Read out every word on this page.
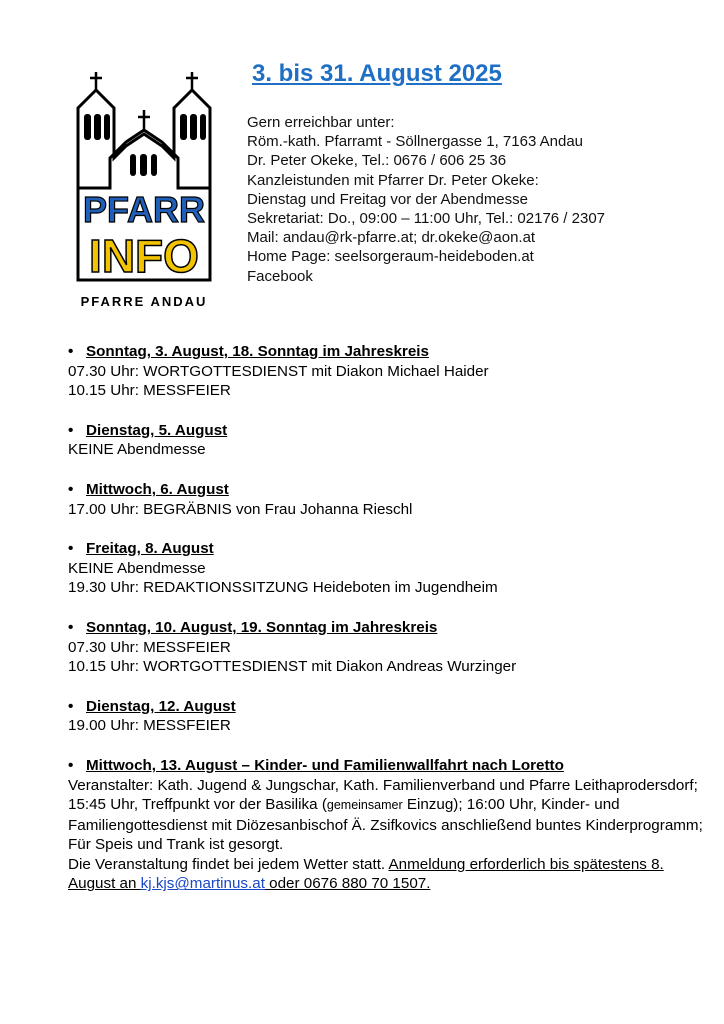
PFARR
INFO
PFARRE ANDAU
3. bis 31. August 2025
Gern erreichbar unter:
Röm.-kath. Pfarramt - Söllnergasse 1, 7163 Andau
Dr. Peter Okeke, Tel.: 0676 / 606 25 36
Kanzleistunden mit Pfarrer Dr. Peter Okeke:
Dienstag und Freitag vor der Abendmesse
Sekretariat: Do., 09:00 – 11:00 Uhr, Tel.: 02176 / 2307
Mail: andau@rk-pfarre.at; dr.okeke@aon.at
Home Page: seelsorgeraum-heideboden.at
Facebook
• Sonntag, 3. August, 18. Sonntag im Jahreskreis
07.30 Uhr: WORTGOTTESDIENST mit Diakon Michael Haider
10.15 Uhr: MESSFEIER
• Dienstag, 5. August
KEINE Abendmesse
• Mittwoch, 6. August
17.00 Uhr: BEGRÄBNIS von Frau Johanna Rieschl
• Freitag, 8. August
KEINE Abendmesse
19.30 Uhr: REDAKTIONSSITZUNG Heideboten im Jugendheim
• Sonntag, 10. August, 19. Sonntag im Jahreskreis
07.30 Uhr: MESSFEIER
10.15 Uhr: WORTGOTTESDIENST mit Diakon Andreas Wurzinger
• Dienstag, 12. August
19.00 Uhr: MESSFEIER
• Mittwoch, 13. August – Kinder- und Familienwallfahrt nach Loretto
Veranstalter: Kath. Jugend & Jungschar, Kath. Familienverband und Pfarre Leithaprodersdorf; 15:45 Uhr, Treffpunkt vor der Basilika (gemeinsamer Einzug); 16:00 Uhr, Kinder- und Familiengottesdienst mit Diözesanbischof Ä. Zsifkovics anschließend buntes Kinderprogramm; Für Speis und Trank ist gesorgt.
Die Veranstaltung findet bei jedem Wetter statt. Anmeldung erforderlich bis spätestens 8. August an kj.kjs@martinus.at oder 0676 880 70 1507.
